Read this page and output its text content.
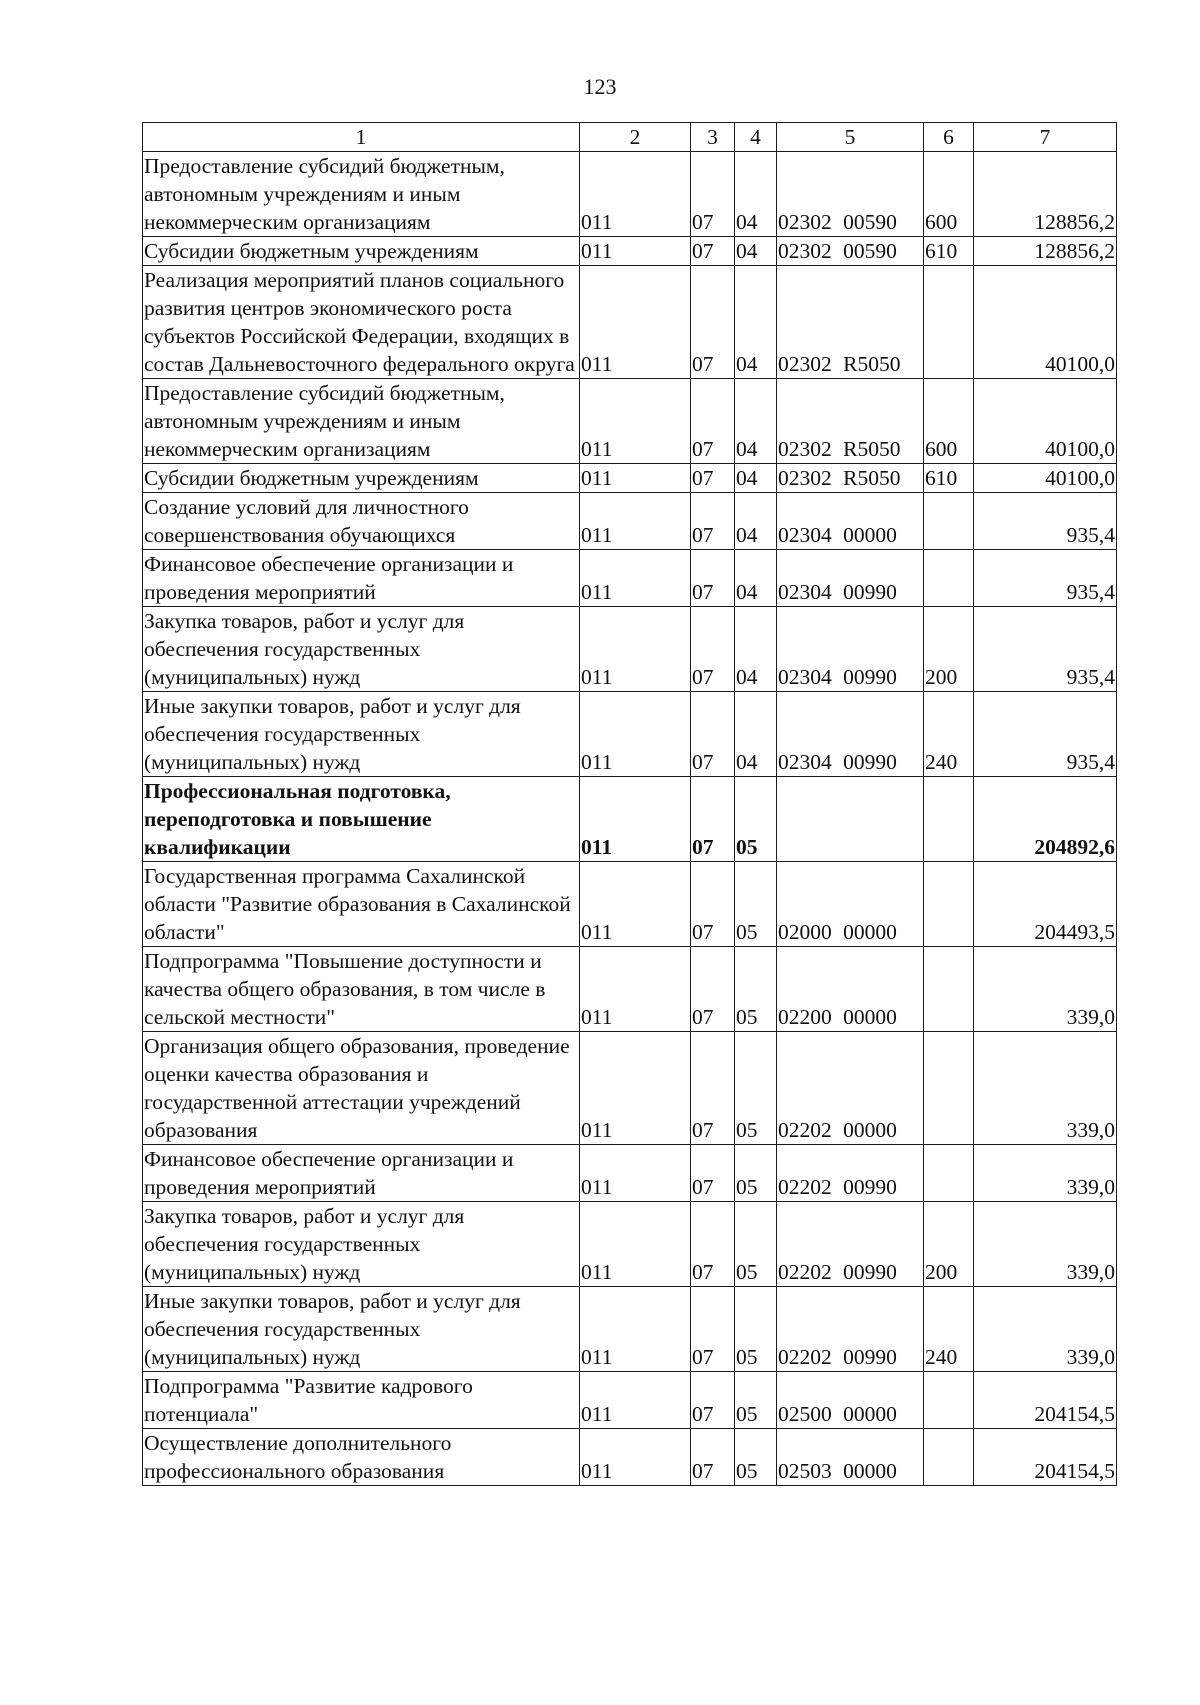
123
1	2	3	4	5	6	7
Предоставление субсидий бюджетным, автономным учреждениям и иным некоммерческим организациям	011	07	04	02302 00590	600	128856,2
Субсидии бюджетным учреждениям	011	07	04	02302 00590	610	128856,2
Реализация мероприятий планов социального развития центров экономического роста субъектов Российской Федерации, входящих в состав Дальневосточного федерального округа	011	07	04	02302 R5050		40100,0
Предоставление субсидий бюджетным, автономным учреждениям и иным некоммерческим организациям	011	07	04	02302 R5050	600	40100,0
Субсидии бюджетным учреждениям	011	07	04	02302 R5050	610	40100,0
Создание условий для личностного совершенствования обучающихся	011	07	04	02304 00000		935,4
Финансовое обеспечение организации и проведения мероприятий	011	07	04	02304 00990		935,4
Закупка товаров, работ и услуг для обеспечения государственных (муниципальных) нужд	011	07	04	02304 00990	200	935,4
Иные закупки товаров, работ и услуг для обеспечения государственных (муниципальных) нужд	011	07	04	02304 00990	240	935,4
Профессиональная подготовка, переподготовка и повышение квалификации	011	07	05			204892,6
Государственная программа Сахалинской области "Развитие образования в Сахалинской области"	011	07	05	02000 00000		204493,5
Подпрограмма "Повышение доступности и качества общего образования, в том числе в сельской местности"	011	07	05	02200 00000		339,0
Организация общего образования, проведение оценки качества образования и государственной аттестации учреждений образования	011	07	05	02202 00000		339,0
Финансовое обеспечение организации и проведения мероприятий	011	07	05	02202 00990		339,0
Закупка товаров, работ и услуг для обеспечения государственных (муниципальных) нужд	011	07	05	02202 00990	200	339,0
Иные закупки товаров, работ и услуг для обеспечения государственных (муниципальных) нужд	011	07	05	02202 00990	240	339,0
Подпрограмма "Развитие кадрового потенциала"	011	07	05	02500 00000		204154,5
Осуществление дополнительного профессионального образования	011	07	05	02503 00000		204154,5
